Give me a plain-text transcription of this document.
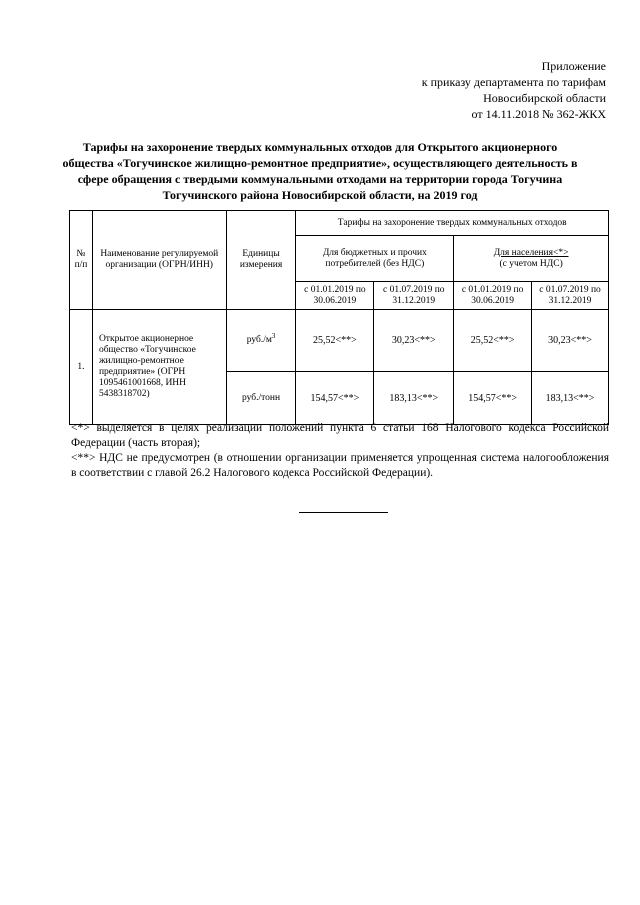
Приложение
к приказу департамента по тарифам
Новосибирской области
от 14.11.2018 № 362-ЖКХ
Тарифы на захоронение твердых коммунальных отходов для Открытого акционерного общества «Тогучинское жилищно-ремонтное предприятие», осуществляющего деятельность в сфере обращения с твердыми коммунальными отходами на территории города Тогучина Тогучинского района Новосибирской области, на 2019 год
№ п/п	Наименование регулируемой организации (ОГРН/ИНН)	Единицы измерения	Тарифы на захоронение твердых коммунальных отходов			
			Для бюджетных и прочих потребителей (без НДС)		Для населения<*>
(с учетом НДС)	
			с 01.01.2019 по 30.06.2019	с 01.07.2019 по 31.12.2019	с 01.01.2019 по 30.06.2019	с 01.07.2019 по 31.12.2019
1.	Открытое акционерное общество «Тогучинское жилищно-ремонтное предприятие» (ОГРН 1095461001668, ИНН 5438318702)	$руб./м^3$	25,52<**>	30,23<**>	25,52<**>	30,23<**>
		руб./тонн	154,57<**>	183,13<**>	154,57<**>	183,13<**>

<*> выделяется в целях реализации положений пункта 6 статьи 168 Налогового кодекса Российской Федерации (часть вторая);

<**> НДС не предусмотрен (в отношении организации применяется упрощенная система налогообложения в соответствии с главой 26.2 Налогового кодекса Российской Федерации).
